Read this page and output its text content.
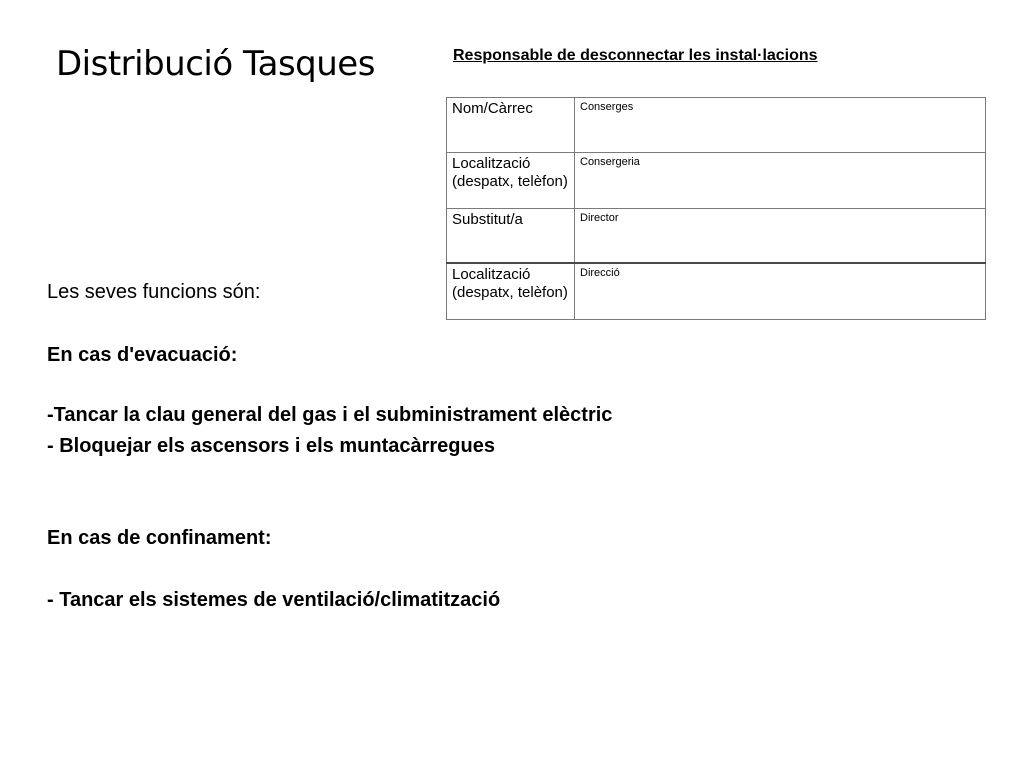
Distribució Tasques	Responsable de desconnectar les instal·lacions
Nom/Càrrec	Conserges
Localització (despatx, telèfon)	Consergeria
Substitut/a	Director
Localització (despatx, telèfon)	Direcció
Les seves funcions són:
En cas d'evacuació:
-Tancar la clau general del gas i el subministrament elèctric
- Bloquejar els ascensors i els muntacàrregues
En cas de confinament:
- Tancar els sistemes de ventilació/climatització
